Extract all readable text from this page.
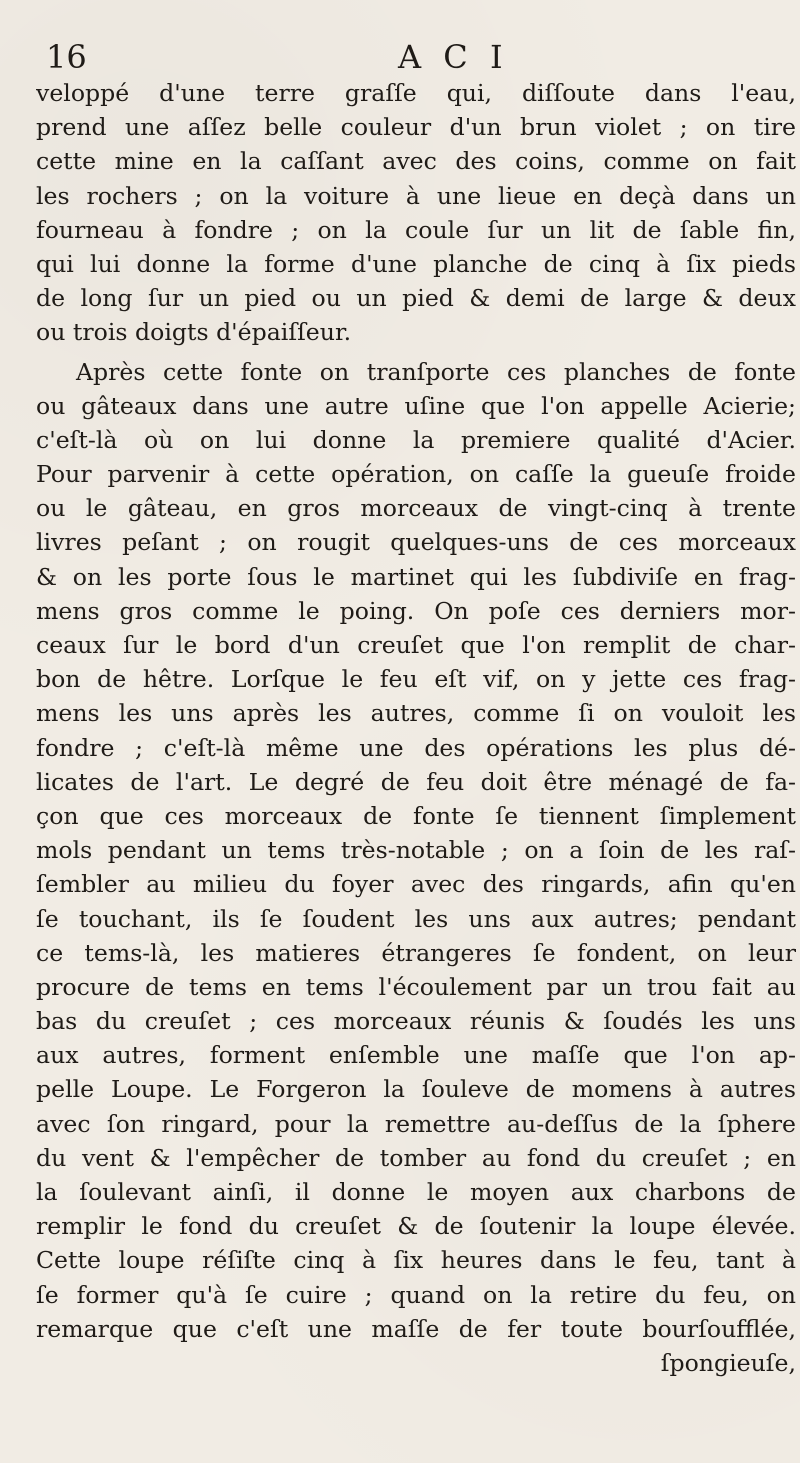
16	A C I
veloppé d'une terre graſſe qui, diſſoute dans l'eau,
prend une aſſez belle couleur d'un brun violet ; on tire
cette mine en la caſſant avec des coins, comme on fait
les rochers ; on la voiture à une lieue en deçà dans un
fourneau à fondre ; on la coule ſur un lit de ſable fin,
qui lui donne la forme d'une planche de cinq à ſix pieds
de long ſur un pied ou un pied & demi de large & deux
ou trois doigts d'épaiſſeur.
Après cette fonte on tranſporte ces planches de fonte
ou gâteaux dans une autre uſine que l'on appelle Acierie;
c'eſt-là où on lui donne la premiere qualité d'Acier.
Pour parvenir à cette opération, on caſſe la gueuſe froide
ou le gâteau, en gros morceaux de vingt-cinq à trente
livres peſant ; on rougit quelques-uns de ces morceaux
& on les porte ſous le martinet qui les ſubdiviſe en frag-
mens gros comme le poing. On poſe ces derniers mor-
ceaux ſur le bord d'un creuſet que l'on remplit de char-
bon de hêtre. Lorſque le feu eſt vif, on y jette ces frag-
mens les uns après les autres, comme ſi on vouloit les
fondre ; c'eſt-là même une des opérations les plus dé-
licates de l'art. Le degré de feu doit être ménagé de fa-
çon que ces morceaux de fonte ſe tiennent ſimplement
mols pendant un tems très-notable ; on a ſoin de les raſ-
ſembler au milieu du foyer avec des ringards, afin qu'en
ſe touchant, ils ſe ſoudent les uns aux autres; pendant
ce tems-là, les matieres étrangeres ſe fondent, on leur
procure de tems en tems l'écoulement par un trou fait au
bas du creuſet ; ces morceaux réunis & ſoudés les uns
aux autres, forment enſemble une maſſe que l'on ap-
pelle Loupe. Le Forgeron la ſouleve de momens à autres
avec ſon ringard, pour la remettre au-deſſus de la ſphere
du vent & l'empêcher de tomber au fond du creuſet ; en
la ſoulevant ainſi, il donne le moyen aux charbons de
remplir le fond du creuſet & de ſoutenir la loupe élevée.
Cette loupe réſiſte cinq à ſix heures dans le feu, tant à
ſe former qu'à ſe cuire ; quand on la retire du feu, on
remarque que c'eſt une maſſe de fer toute bourſoufflée,
ſpongieuſe,
